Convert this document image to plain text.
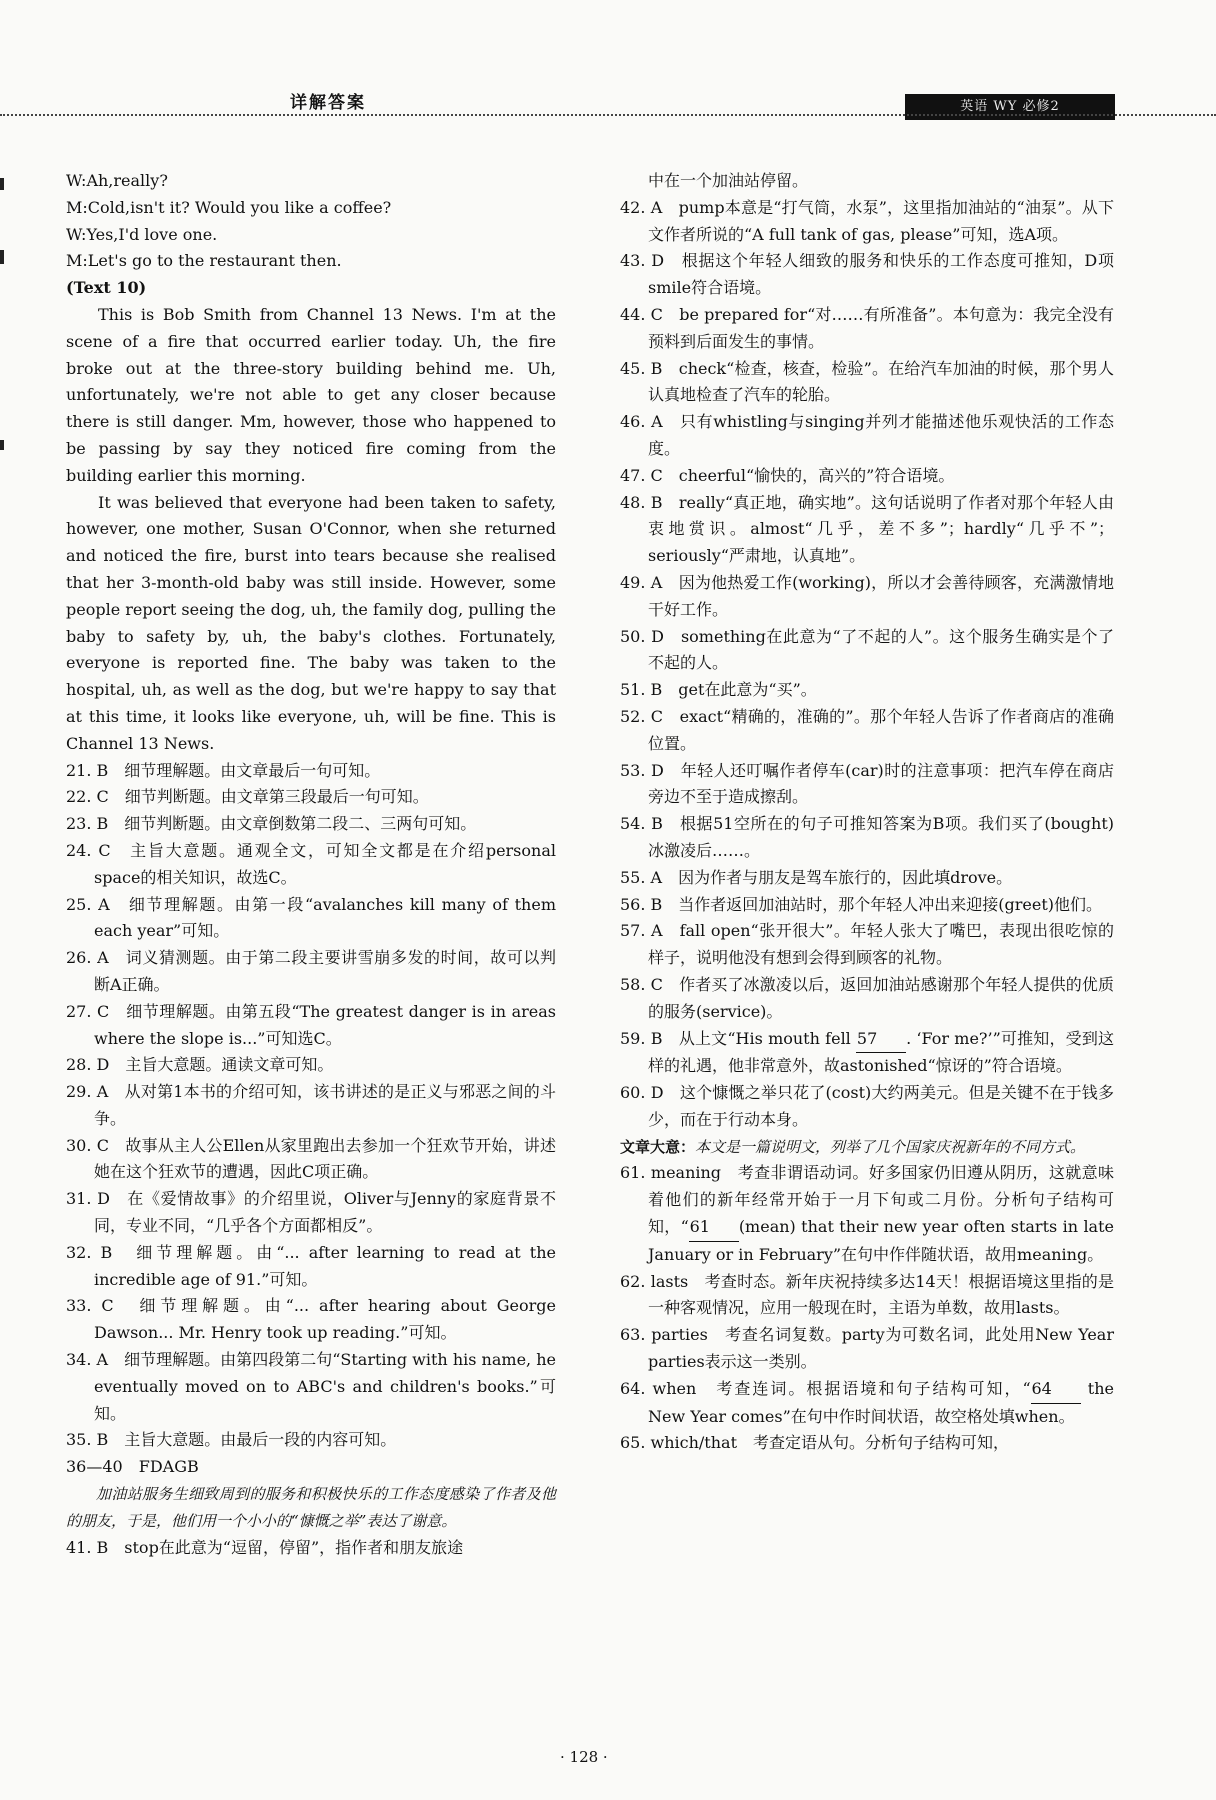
详解答案	英语 WY 必修2
W:Ah,really?
M:Cold,isn't it? Would you like a coffee?
W:Yes,I'd love one.
M:Let's go to the restaurant then.
(Text 10)
This is Bob Smith from Channel 13 News. I'm at the scene of a fire that occurred earlier today. Uh, the fire broke out at the three-story building behind me. Uh, unfortunately, we're not able to get any closer because there is still danger. Mm, however, those who happened to be passing by say they noticed fire coming from the building earlier this morning.
It was believed that everyone had been taken to safety, however, one mother, Susan O'Connor, when she returned and noticed the fire, burst into tears because she realised that her 3-month-old baby was still inside. However, some people report seeing the dog, uh, the family dog, pulling the baby to safety by, uh, the baby's clothes. Fortunately, everyone is reported fine. The baby was taken to the hospital, uh, as well as the dog, but we're happy to say that at this time, it looks like everyone, uh, will be fine. This is Channel 13 News.
21. B　细节理解题。由文章最后一句可知。
22. C　细节判断题。由文章第三段最后一句可知。
23. B　细节判断题。由文章倒数第二段二、三两句可知。
24. C　主旨大意题。通观全文，可知全文都是在介绍personal space的相关知识，故选C。
25. A　细节理解题。由第一段“avalanches kill many of them each year”可知。
26. A　词义猜测题。由于第二段主要讲雪崩多发的时间，故可以判断A正确。
27. C　细节理解题。由第五段“The greatest danger is in areas where the slope is...”可知选C。
28. D　主旨大意题。通读文章可知。
29. A　从对第1本书的介绍可知，该书讲述的是正义与邪恶之间的斗争。
30. C　故事从主人公Ellen从家里跑出去参加一个狂欢节开始，讲述她在这个狂欢节的遭遇，因此C项正确。
31. D　在《爱情故事》的介绍里说，Oliver与Jenny的家庭背景不同，专业不同，“几乎各个方面都相反”。
32. B　细节理解题。由“... after learning to read at the incredible age of 91.”可知。
33. C　细节理解题。由“... after hearing about George Dawson... Mr. Henry took up reading.”可知。
34. A　细节理解题。由第四段第二句“Starting with his name, he eventually moved on to ABC's and children's books.”可知。
35. B　主旨大意题。由最后一段的内容可知。
36—40　FDAGB
加油站服务生细致周到的服务和积极快乐的工作态度感染了作者及他的朋友，于是，他们用一个小小的“慷慨之举”表达了谢意。
41. B　stop在此意为“逗留，停留”，指作者和朋友旅途
中在一个加油站停留。
42. A　pump本意是“打气筒，水泵”，这里指加油站的“油泵”。从下文作者所说的“A full tank of gas, please”可知，选A项。
43. D　根据这个年轻人细致的服务和快乐的工作态度可推知，D项smile符合语境。
44. C　be prepared for“对……有所准备”。本句意为：我完全没有预料到后面发生的事情。
45. B　check“检查，核查，检验”。在给汽车加油的时候，那个男人认真地检查了汽车的轮胎。
46. A　只有whistling与singing并列才能描述他乐观快活的工作态度。
47. C　cheerful“愉快的，高兴的”符合语境。
48. B　really“真正地，确实地”。这句话说明了作者对那个年轻人由衷地赏识。almost“几乎，差不多”；hardly“几乎不”；seriously“严肃地，认真地”。
49. A　因为他热爱工作(working)，所以才会善待顾客，充满激情地干好工作。
50. D　something在此意为“了不起的人”。这个服务生确实是个了不起的人。
51. B　get在此意为“买”。
52. C　exact“精确的，准确的”。那个年轻人告诉了作者商店的准确位置。
53. D　年轻人还叮嘱作者停车(car)时的注意事项：把汽车停在商店旁边不至于造成擦刮。
54. B　根据51空所在的句子可推知答案为B项。我们买了(bought)冰激凌后……。
55. A　因为作者与朋友是驾车旅行的，因此填drove。
56. B　当作者返回加油站时，那个年轻人冲出来迎接(greet)他们。
57. A　fall open“张开很大”。年轻人张大了嘴巴，表现出很吃惊的样子，说明他没有想到会得到顾客的礼物。
58. C　作者买了冰激凌以后，返回加油站感谢那个年轻人提供的优质的服务(service)。
59. B　从上文“His mouth fell 57 . ‘For me?’”可推知，受到这样的礼遇，他非常意外，故astonished“惊讶的”符合语境。
60. D　这个慷慨之举只花了(cost)大约两美元。但是关键不在于钱多少，而在于行动本身。
文章大意：本文是一篇说明文，列举了几个国家庆祝新年的不同方式。
61. meaning　考查非谓语动词。好多国家仍旧遵从阴历，这就意味着他们的新年经常开始于一月下旬或二月份。分析句子结构可知，“61 (mean) that their new year often starts in late January or in February”在句中作伴随状语，故用meaning。
62. lasts　考查时态。新年庆祝持续多达14天！根据语境这里指的是一种客观情况，应用一般现在时，主语为单数，故用lasts。
63. parties　考查名词复数。party为可数名词，此处用New Year parties表示这一类别。
64. when　考查连词。根据语境和句子结构可知，“64 the New Year comes”在句中作时间状语，故空格处填when。
65. which/that　考查定语从句。分析句子结构可知，
· 128 ·
